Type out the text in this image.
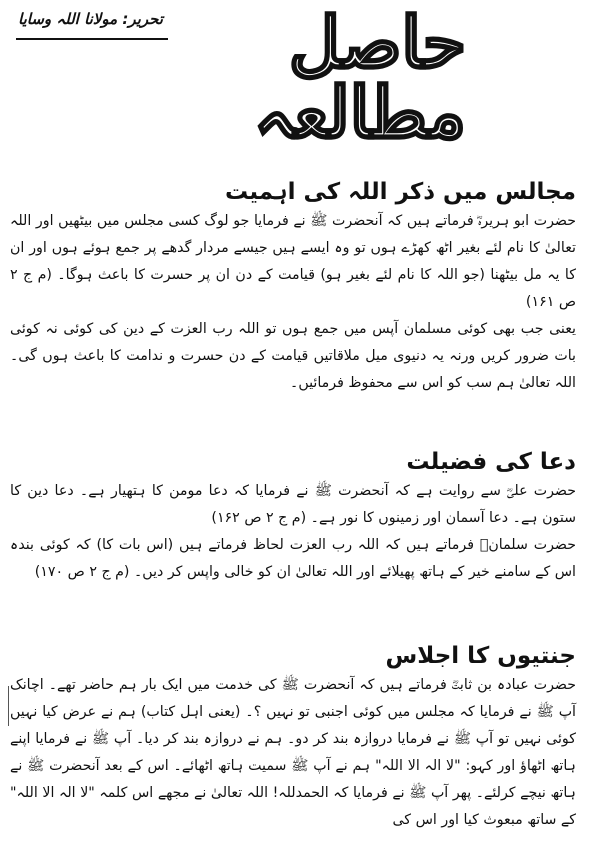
تحریر: مولانا اللہ وسایا	حاصل مطالعہ
مجالس میں ذکر اللہ کی اہمیت

حضرت ابو ہریرہؓ فرماتے ہیں کہ آنحضرت ﷺ نے فرمایا جو لوگ کسی مجلس میں بیٹھیں اور اللہ تعالیٰ کا نام لئے بغیر اٹھ کھڑے ہوں تو وہ ایسے ہیں جیسے مردار گدھے پر جمع ہوئے ہوں اور ان کا یہ مل بیٹھنا (جو اللہ کا نام لئے بغیر ہو) قیامت کے دن ان پر حسرت کا باعث ہوگا۔ (م ج ۲ ص ۱۶۱)

یعنی جب بھی کوئی مسلمان آپس میں جمع ہوں تو اللہ رب العزت کے دین کی کوئی نہ کوئی بات ضرور کریں ورنہ یہ دنیوی میل ملاقاتیں قیامت کے دن حسرت و ندامت کا باعث ہوں گی۔ اللہ تعالیٰ ہم سب کو اس سے محفوظ فرمائیں۔

دعا کی فضیلت

حضرت علیؓ سے روایت ہے کہ آنحضرت ﷺ نے فرمایا کہ دعا مومن کا ہتھیار ہے۔ دعا دین کا ستون ہے۔ دعا آسمان اور زمینوں کا نور ہے۔ (م ج ۲ ص ۱۶۲)

حضرت سلمانؓ فرماتے ہیں کہ اللہ رب العزت لحاظ فرماتے ہیں (اس بات کا) کہ کوئی بندہ اس کے سامنے خیر کے ہاتھ پھیلائے اور اللہ تعالیٰ ان کو خالی واپس کر دیں۔ (م ج ۲ ص ۱۷۰)

جنتیوں کا اجلاس

حضرت عبادہ بن ثابتؓ فرماتے ہیں کہ آنحضرت ﷺ کی خدمت میں ایک بار ہم حاضر تھے۔ اچانک آپ ﷺ نے فرمایا کہ مجلس میں کوئی اجنبی تو نہیں ؟۔ (یعنی اہل کتاب) ہم نے عرض کیا نہیں کوئی نہیں تو آپ ﷺ نے فرمایا دروازہ بند کر دو۔ ہم نے دروازہ بند کر دیا۔ آپ ﷺ نے فرمایا اپنے ہاتھ اٹھاؤ اور کہو: "لا الہ الا اللہ" ہم نے آپ ﷺ سمیت ہاتھ اٹھائے۔ اس کے بعد آنحضرت ﷺ نے ہاتھ نیچے کرلئے۔ پھر آپ ﷺ نے فرمایا کہ الحمدللہ! اللہ تعالیٰ نے مجھے اس کلمہ "لا الہ الا اللہ" کے ساتھ مبعوث کیا اور اس کی
